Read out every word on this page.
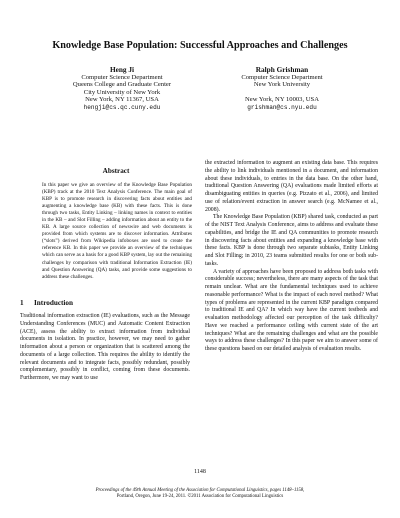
Knowledge Base Population: Successful Approaches and Challenges
Heng Ji
Computer Science Department
Queens College and Graduate Center
City University of New York
New York, NY 11367, USA
hengji@cs.qc.cuny.edu
Ralph Grishman
Computer Science Department
New York University
New York, NY 10003, USA
grishman@cs.nyu.edu
Abstract

In this paper we give an overview of the Knowledge Base Population (KBP) track at the 2010 Text Analysis Conference. The main goal of KBP is to promote research in discovering facts about entities and augmenting a knowledge base (KB) with these facts. This is done through two tasks, Entity Linking – linking names in context to entities in the KB – and Slot Filling – adding information about an entity to the KB. A large source collection of newswire and web documents is provided from which systems are to discover information. Attributes (“slots”) derived from Wikipedia infoboxes are used to create the reference KB. In this paper we provide an overview of the techniques which can serve as a basis for a good KBP system, lay out the remaining challenges by comparison with traditional Information Extraction (IE) and Question Answering (QA) tasks, and provide some suggestions to address these challenges.

1 Introduction

Traditional information extraction (IE) evaluations, such as the Message Understanding Conferences (MUC) and Automatic Content Extraction (ACE), assess the ability to extract information from individual documents in isolation. In practice, however, we may need to gather information about a person or organization that is scattered among the documents of a large collection. This requires the ability to identify the relevant documents and to integrate facts, possibly redundant, possibly complementary, possibly in conflict, coming from these documents. Furthermore, we may want to use

the extracted information to augment an existing data base. This requires the ability to link individuals mentioned in a document, and information about these individuals, to entries in the data base. On the other hand, traditional Question Answering (QA) evaluations made limited efforts at disambiguating entities in queries (e.g. Pizzato et al., 2006), and limited use of relation/event extraction in answer search (e.g. McNamee et al., 2008).

The Knowledge Base Population (KBP) shared task, conducted as part of the NIST Text Analysis Conference, aims to address and evaluate these capabilities, and bridge the IE and QA communities to promote research in discovering facts about entities and expanding a knowledge base with these facts. KBP is done through two separate subtasks, Entity Linking and Slot Filling; in 2010, 23 teams submitted results for one or both sub-tasks.

A variety of approaches have been proposed to address both tasks with considerable success; nevertheless, there are many aspects of the task that remain unclear. What are the fundamental techniques used to achieve reasonable performance? What is the impact of each novel method? What types of problems are represented in the current KBP paradigm compared to traditional IE and QA? In which way have the current testbeds and evaluation methodology affected our perception of the task difficulty? Have we reached a performance ceiling with current state of the art techniques? What are the remaining challenges and what are the possible ways to address these challenges? In this paper we aim to answer some of these questions based on our detailed analysis of evaluation results.

1148
Proceedings of the 49th Annual Meeting of the Association for Computational Linguistics, pages 1148–1158,
Portland, Oregon, June 19-24, 2011. ©2011 Association for Computational Linguistics
